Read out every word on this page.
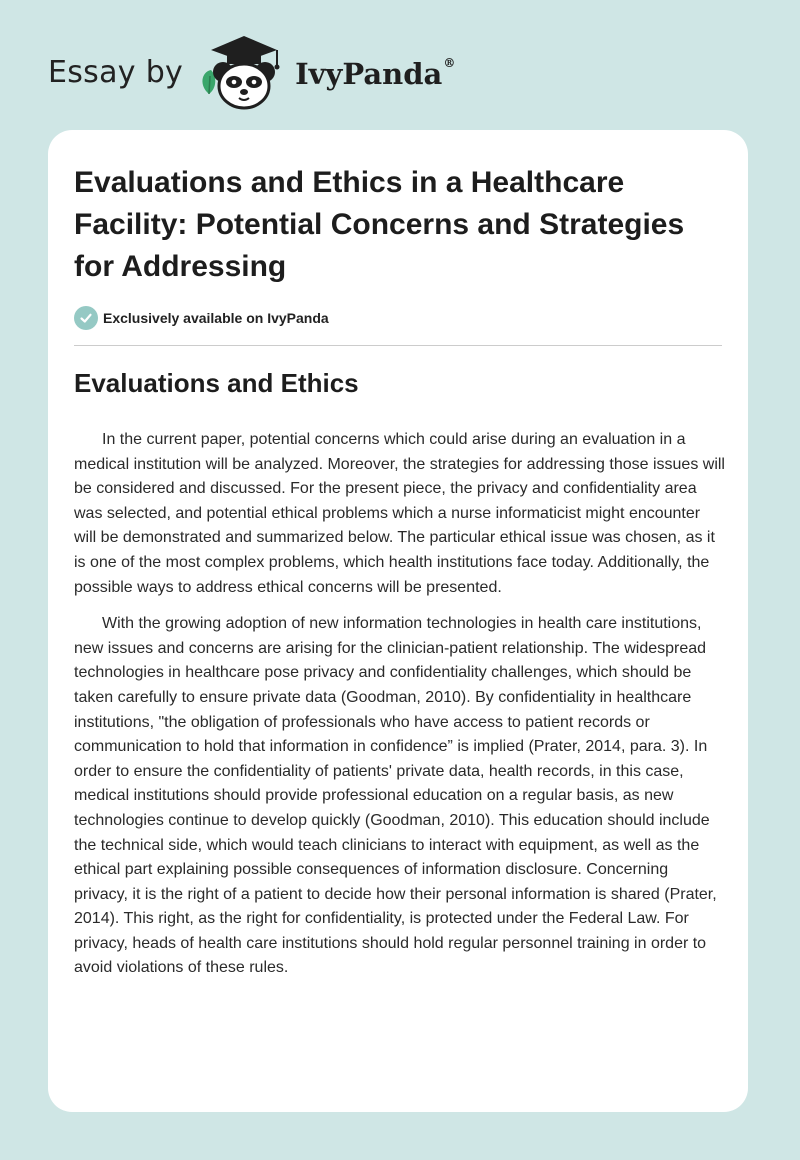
Essay by	IvyPanda®
Evaluations and Ethics in a Healthcare Facility: Potential Concerns and Strategies for Addressing
Exclusively available on IvyPanda
Evaluations and Ethics

In the current paper, potential concerns which could arise during an evaluation in a medical institution will be analyzed. Moreover, the strategies for addressing those issues will be considered and discussed. For the present piece, the privacy and confidentiality area was selected, and potential ethical problems which a nurse informaticist might encounter will be demonstrated and summarized below. The particular ethical issue was chosen, as it is one of the most complex problems, which health institutions face today. Additionally, the possible ways to address ethical concerns will be presented.

With the growing adoption of new information technologies in health care institutions, new issues and concerns are arising for the clinician-patient relationship. The widespread technologies in healthcare pose privacy and confidentiality challenges, which should be taken carefully to ensure private data (Goodman, 2010). By confidentiality in healthcare institutions, "the obligation of professionals who have access to patient records or communication to hold that information in confidence” is implied (Prater, 2014, para. 3). In order to ensure the confidentiality of patients' private data, health records, in this case, medical institutions should provide professional education on a regular basis, as new technologies continue to develop quickly (Goodman, 2010). This education should include the technical side, which would teach clinicians to interact with equipment, as well as the ethical part explaining possible consequences of information disclosure. Concerning privacy, it is the right of a patient to decide how their personal information is shared (Prater, 2014). This right, as the right for confidentiality, is protected under the Federal Law. For privacy, heads of health care institutions should hold regular personnel training in order to avoid violations of these rules.
